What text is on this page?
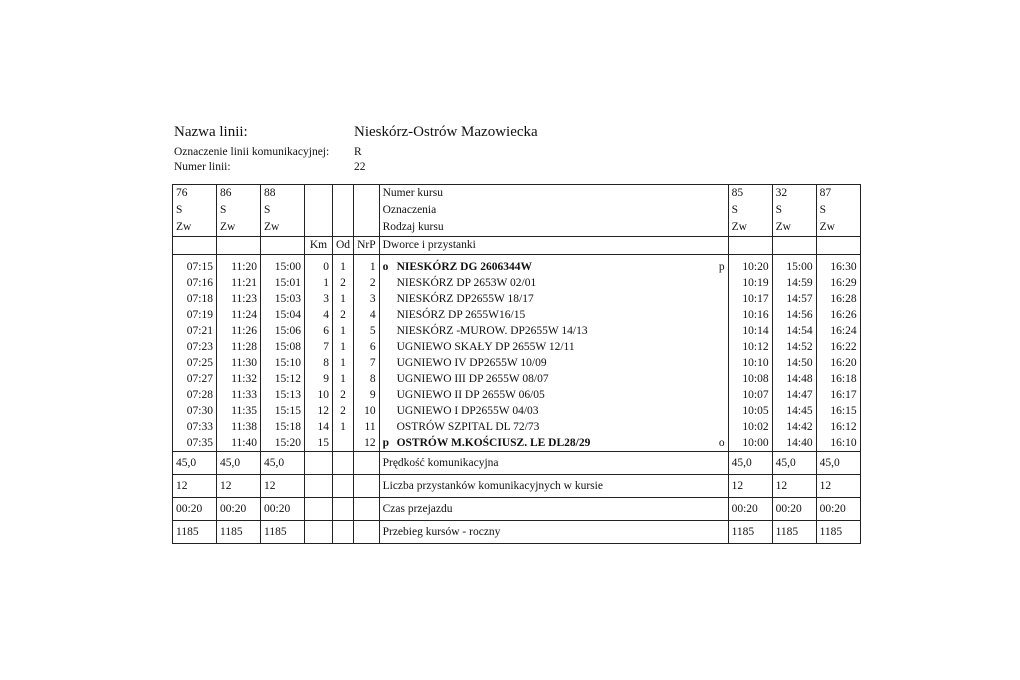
Nazwa linii:	Nieskórz-Ostrów Mazowiecka
Oznaczenie linii komunikacyjnej:	R
Numer linii:	22
76	86	88				Numer kursu	85	32	87
S	S	S				Oznaczenia	S	S	S
Zw	Zw	Zw				Rodzaj kursu	Zw	Zw	Zw
			Km	Od	NrP	Dworce i przystanki			

07:15	11:20	15:00	0	1	1	o NIESKÓRZ DG 2606344W p	10:20	15:00	16:30
07:16	11:21	15:01	1	2	2	NIESKÓRZ DP 2653W 02/01	10:19	14:59	16:29
07:18	11:23	15:03	3	1	3	NIESKÓRZ DP2655W 18/17	10:17	14:57	16:28
07:19	11:24	15:04	4	2	4	NIESÓRZ DP 2655W16/15	10:16	14:56	16:26
07:21	11:26	15:06	6	1	5	NIESKÓRZ -MUROW. DP2655W 14/13	10:14	14:54	16:24
07:23	11:28	15:08	7	1	6	UGNIEWO SKAŁY DP 2655W 12/11	10:12	14:52	16:22
07:25	11:30	15:10	8	1	7	UGNIEWO IV DP2655W 10/09	10:10	14:50	16:20
07:27	11:32	15:12	9	1	8	UGNIEWO III DP 2655W 08/07	10:08	14:48	16:18
07:28	11:33	15:13	10	2	9	UGNIEWO II DP 2655W 06/05	10:07	14:47	16:17
07:30	11:35	15:15	12	2	10	UGNIEWO I DP2655W 04/03	10:05	14:45	16:15
07:33	11:38	15:18	14	1	11	OSTRÓW SZPITAL DL 72/73	10:02	14:42	16:12
07:35	11:40	15:20	15		12	p OSTRÓW M.KOŚCIUSZ. LE DL28/29 o	10:00	14:40	16:10
45,0	45,0	45,0				Prędkość komunikacyjna	45,0	45,0	45,0
12	12	12				Liczba przystanków komunikacyjnych w kursie	12	12	12
00:20	00:20	00:20				Czas przejazdu	00:20	00:20	00:20
1185	1185	1185				Przebieg kursów - roczny	1185	1185	1185
